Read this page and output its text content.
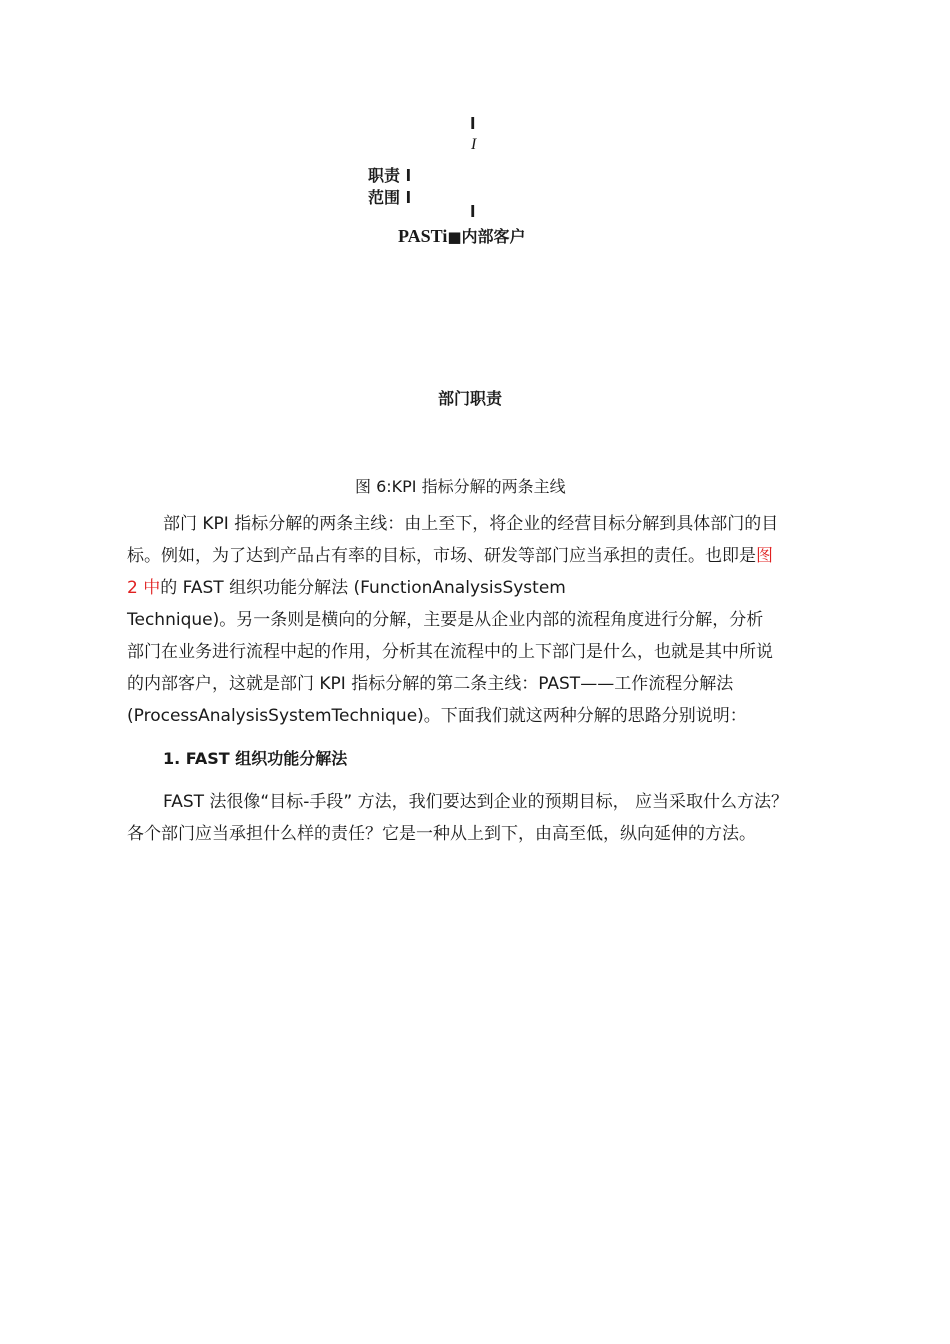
l
I
职责 l
范围 l
l
PASTi■内部客户
部门职责
图 6:KPI 指标分解的两条主线
部门 KPI 指标分解的两条主线：由上至下，将企业的经营目标分解到具体部门的目
标。例如，为了达到产品占有率的目标，市场、研发等部门应当承担的责任。也即是图
2 中的 FAST 组织功能分解法 (FunctionAnalysisSystem
Technique)。另一条则是横向的分解，主要是从企业内部的流程角度进行分解，分析
部门在业务进行流程中起的作用，分析其在流程中的上下部门是什么，也就是其中所说
的内部客户，这就是部门 KPI 指标分解的第二条主线：PAST——工作流程分解法
(ProcessAnalysisSystemTechnique)。下面我们就这两种分解的思路分别说明：
1. FAST 组织功能分解法
FAST 法很像“目标-手段” 方法，我们要达到企业的预期目标， 应当采取什么方法？
各个部门应当承担什么样的责任？它是一种从上到下，由高至低，纵向延伸的方法。
